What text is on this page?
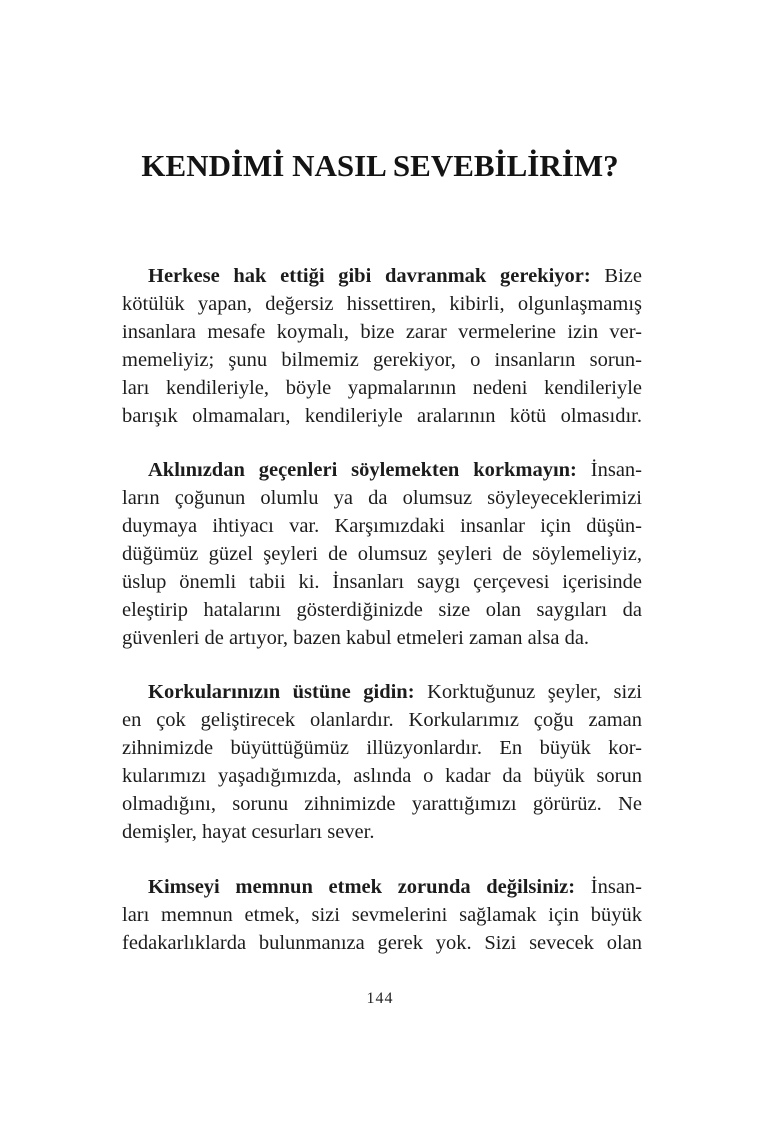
KENDİMİ NASIL SEVEBİLİRİM?
Herkese hak ettiği gibi davranmak gerekiyor: Bize
kötülük yapan, değersiz hissettiren, kibirli, olgunlaşmamış
insanlara mesafe koymalı, bize zarar vermelerine izin ver-
memeliyiz; şunu bilmemiz gerekiyor, o insanların sorun-
ları kendileriyle, böyle yapmalarının nedeni kendileriyle
barışık olmamaları, kendileriyle aralarının kötü olmasıdır.
Aklınızdan geçenleri söylemekten korkmayın: İnsan-
ların çoğunun olumlu ya da olumsuz söyleyeceklerimizi
duymaya ihtiyacı var. Karşımızdaki insanlar için düşün-
düğümüz güzel şeyleri de olumsuz şeyleri de söylemeliyiz,
üslup önemli tabii ki. İnsanları saygı çerçevesi içerisinde
eleştirip hatalarını gösterdiğinizde size olan saygıları da
güvenleri de artıyor, bazen kabul etmeleri zaman alsa da.
Korkularınızın üstüne gidin: Korktuğunuz şeyler, sizi
en çok geliştirecek olanlardır. Korkularımız çoğu zaman
zihnimizde büyüttüğümüz illüzyonlardır. En büyük kor-
kularımızı yaşadığımızda, aslında o kadar da büyük sorun
olmadığını, sorunu zihnimizde yarattığımızı görürüz. Ne
demişler, hayat cesurları sever.
Kimseyi memnun etmek zorunda değilsiniz: İnsan-
ları memnun etmek, sizi sevmelerini sağlamak için büyük
fedakarlıklarda bulunmanıza gerek yok. Sizi sevecek olan
144
